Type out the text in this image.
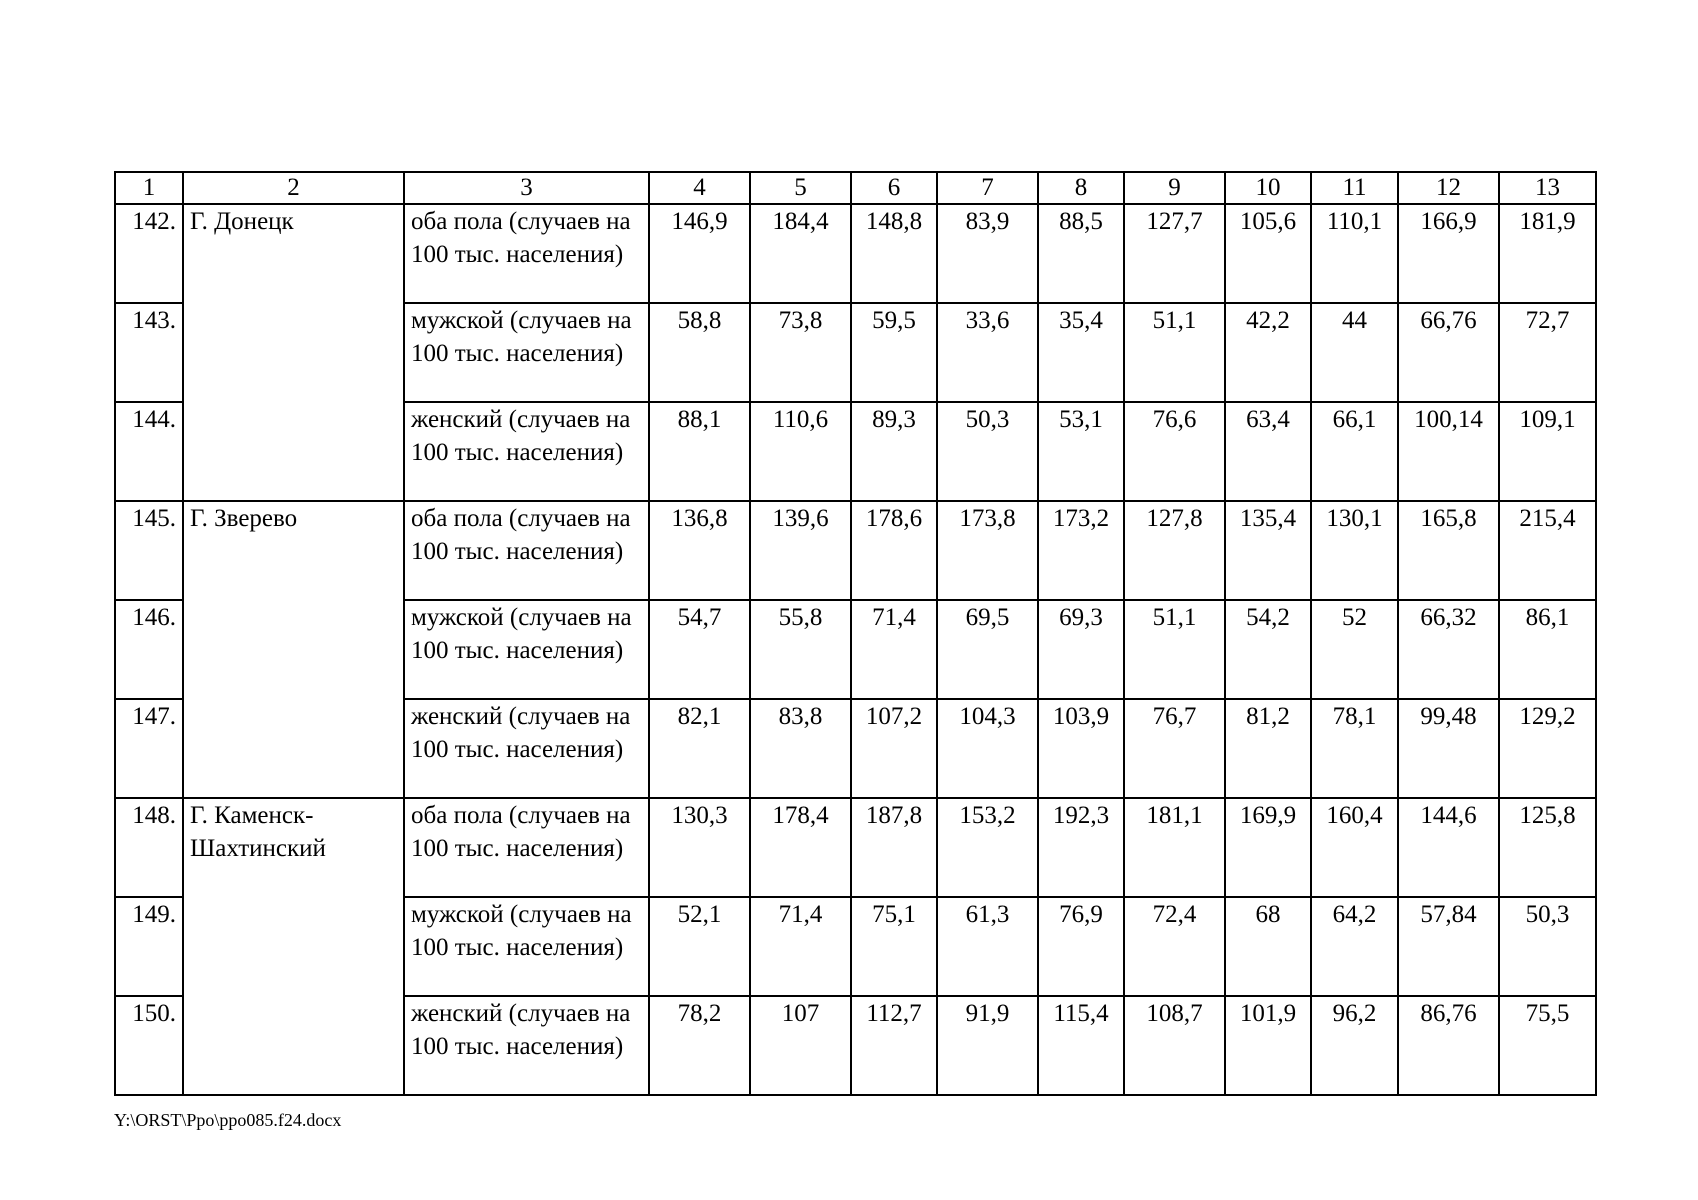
1	2	3	4	5	6	7	8	9	10	11	12	13
142.	Г. Донецк	оба пола (случаев на 100 тыс. населения)	146,9	184,4	148,8	83,9	88,5	127,7	105,6	110,1	166,9	181,9
143.		мужской (случаев на 100 тыс. населения)	58,8	73,8	59,5	33,6	35,4	51,1	42,2	44	66,76	72,7
144.		женский (случаев на 100 тыс. населения)	88,1	110,6	89,3	50,3	53,1	76,6	63,4	66,1	100,14	109,1
145.	Г. Зверево	оба пола (случаев на 100 тыс. населения)	136,8	139,6	178,6	173,8	173,2	127,8	135,4	130,1	165,8	215,4
146.		мужской (случаев на 100 тыс. населения)	54,7	55,8	71,4	69,5	69,3	51,1	54,2	52	66,32	86,1
147.		женский (случаев на 100 тыс. населения)	82,1	83,8	107,2	104,3	103,9	76,7	81,2	78,1	99,48	129,2
148.	Г. Каменск-Шахтинский	оба пола (случаев на 100 тыс. населения)	130,3	178,4	187,8	153,2	192,3	181,1	169,9	160,4	144,6	125,8
149.		мужской (случаев на 100 тыс. населения)	52,1	71,4	75,1	61,3	76,9	72,4	68	64,2	57,84	50,3
150.		женский (случаев на 100 тыс. населения)	78,2	107	112,7	91,9	115,4	108,7	101,9	96,2	86,76	75,5
Y:\ORST\Ppo\ppo085.f24.docx
